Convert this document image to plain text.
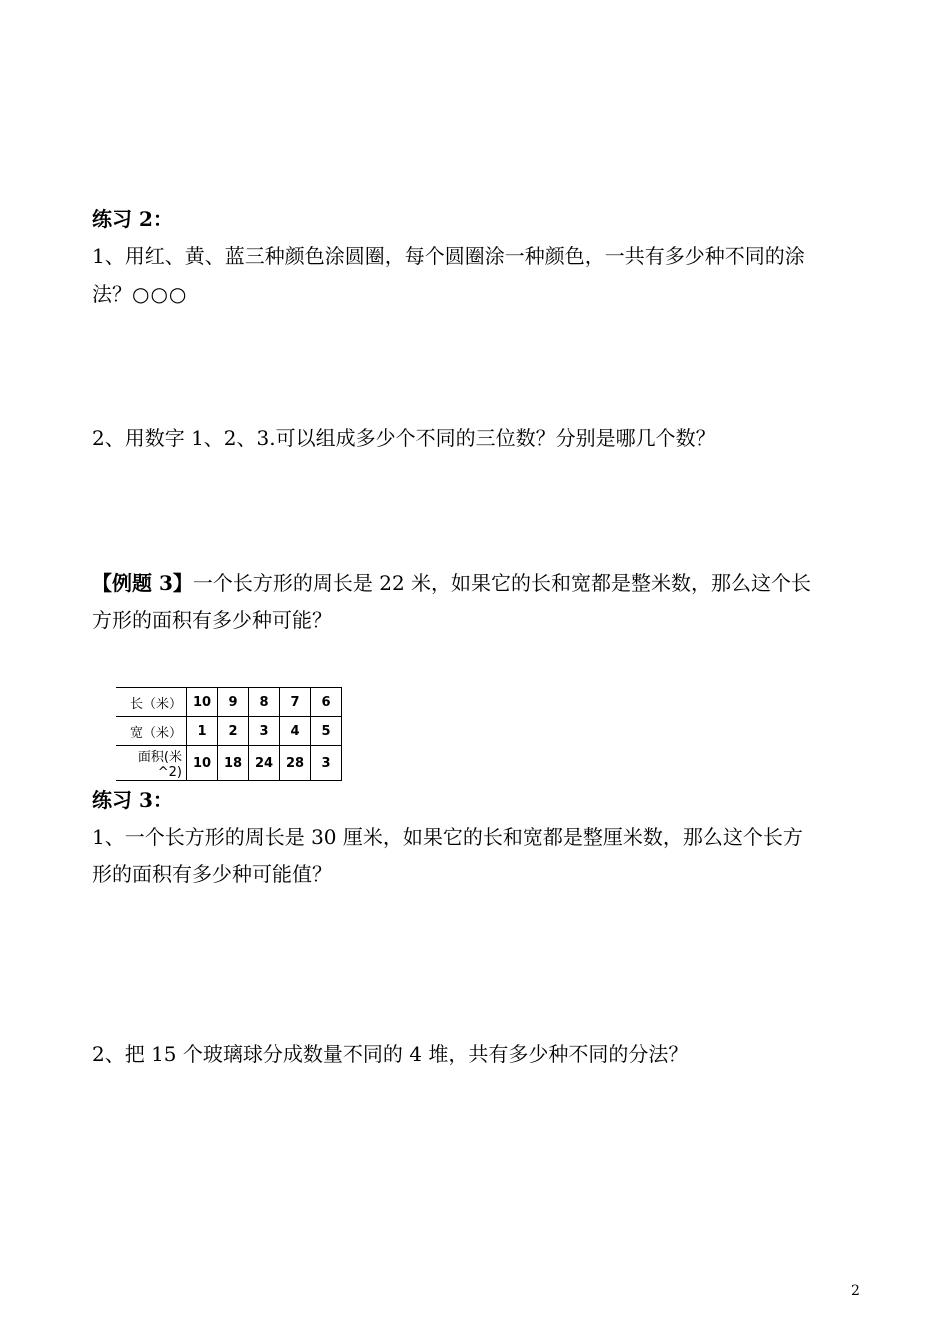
练习 2：
1、用红、黄、蓝三种颜色涂圆圈，每个圆圈涂一种颜色，一共有多少种不同的涂
法？○○○
2、用数字 1、2、3.可以组成多少个不同的三位数？分别是哪几个数？
【例题 3】一个长方形的周长是 22 米，如果它的长和宽都是整米数，那么这个长
方形的面积有多少种可能？
长（米）	10	9	8	7	6
宽（米）	1	2	3	4	5
面积(米^2)	10	18	24	28	3
练习 3：
1、一个长方形的周长是 30 厘米，如果它的长和宽都是整厘米数，那么这个长方
形的面积有多少种可能值？
2、把 15 个玻璃球分成数量不同的 4 堆，共有多少种不同的分法？
2
